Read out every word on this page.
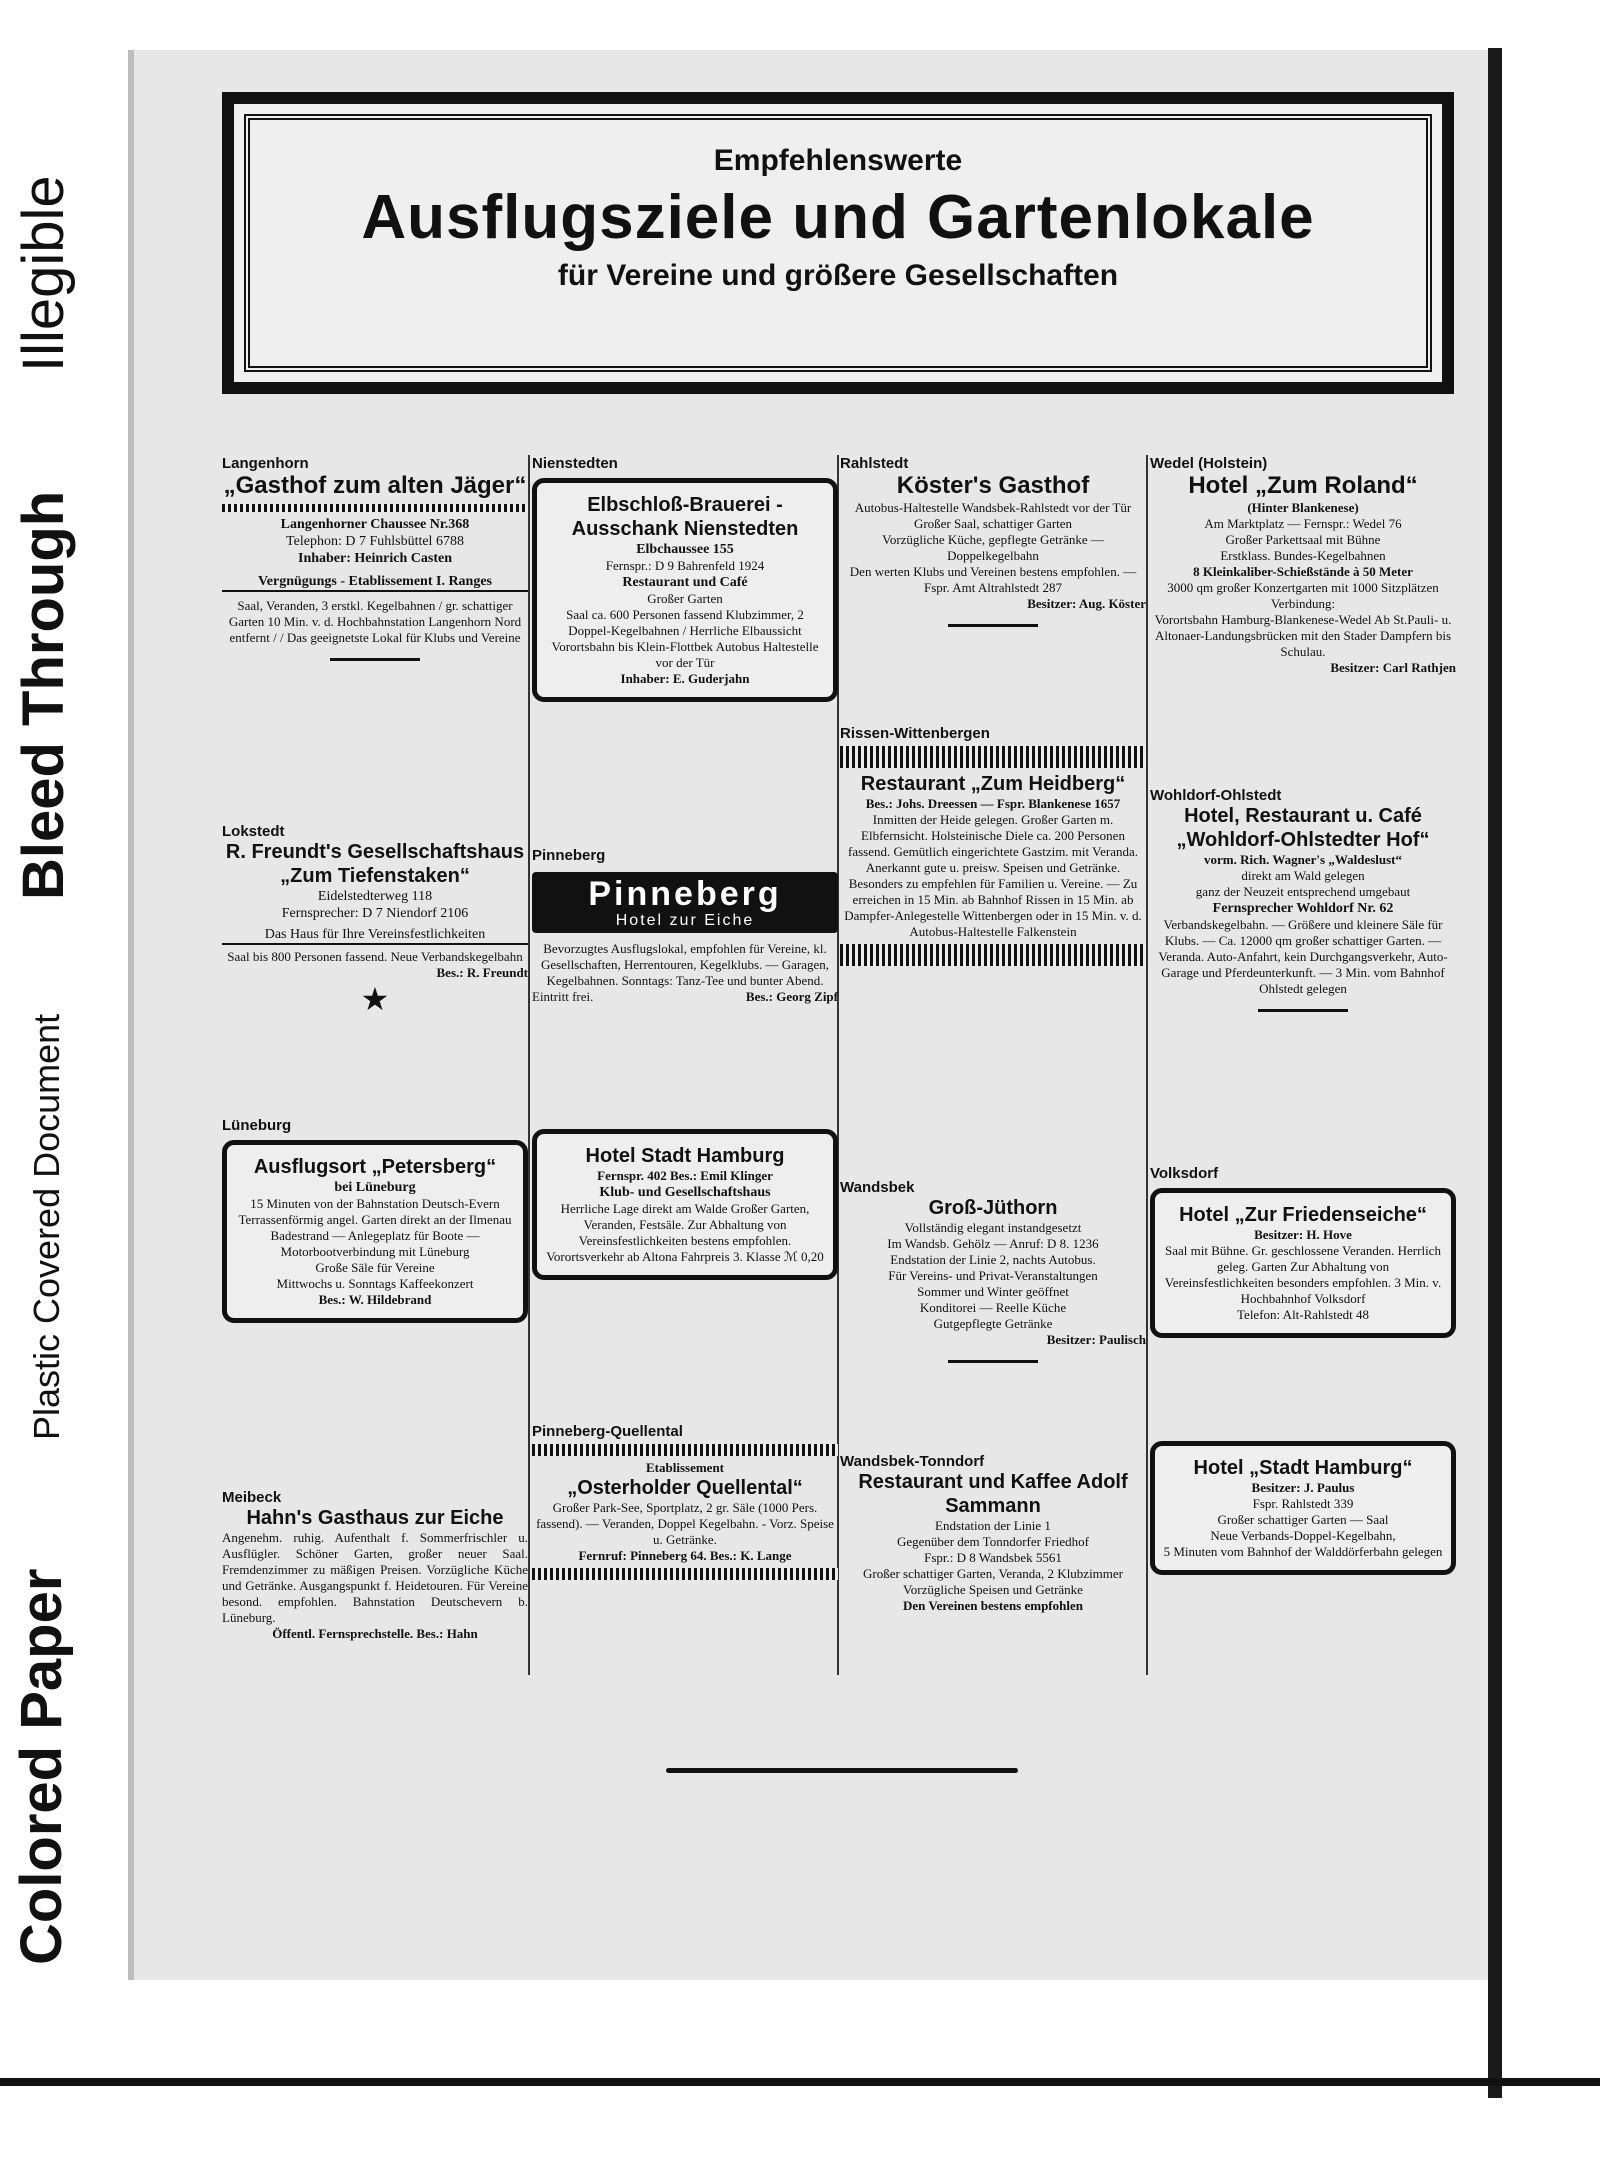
Colored Paper
Plastic Covered Document
Bleed Through
Illegible
Empfehlenswerte
Ausflugsziele und Gartenlokale
für Vereine und größere Gesellschaften
Langenhorn
„Gasthof zum alten Jäger“
Langenhorner Chaussee Nr.368
Telephon: D 7 Fuhlsbüttel 6788
Inhaber: Heinrich Casten
Vergnügungs - Etablissement I. Ranges
Saal, Veranden, 3 erstkl. Kegelbahnen / gr. schattiger Garten 10 Min. v. d. Hochbahnstation Langenhorn Nord entfernt / / Das geeignetste Lokal für Klubs und Vereine
Lokstedt
R. Freundt's Gesellschaftshaus „Zum Tiefenstaken“
Eidelstedterweg 118
Fernsprecher: D 7 Niendorf 2106
Das Haus für Ihre Vereinsfestlichkeiten
Saal bis 800 Personen fassend. Neue Verbandskegelbahn
Bes.: R. Freundt
★
Lüneburg
Ausflugsort „Petersberg“
bei Lüneburg
15 Minuten von der Bahnstation Deutsch-Evern
Terrassenförmig angel. Garten direkt an der Ilmenau
Badestrand — Anlegeplatz für Boote — Motorbootverbindung mit Lüneburg
Große Säle für Vereine
Mittwochs u. Sonntags Kaffeekonzert
Bes.: W. Hildebrand
Meibeck
Hahn's Gasthaus zur Eiche
Angenehm. ruhig. Aufenthalt f. Sommerfrischler u. Ausflügler. Schöner Garten, großer neuer Saal. Fremdenzimmer zu mäßigen Preisen. Vorzügliche Küche und Getränke. Ausgangspunkt f. Heidetouren. Für Vereine besond. empfohlen. Bahnstation Deutschevern b. Lüneburg.
Öffentl. Fernsprechstelle. Bes.: Hahn
Nienstedten
Elbschloß-Brauerei - Ausschank Nienstedten
Elbchaussee 155
Fernspr.: D 9 Bahrenfeld 1924
Restaurant und Café
Großer Garten
Saal ca. 600 Personen fassend Klubzimmer, 2 Doppel-Kegelbahnen / Herrliche Elbaussicht Vorortsbahn bis Klein-Flottbek Autobus Haltestelle vor der Tür
Inhaber: E. Guderjahn
Pinneberg
Pinneberg
Hotel zur Eiche
Bevorzugtes Ausflugslokal, empfohlen für Vereine, kl. Gesellschaften, Herrentouren, Kegelklubs. — Garagen, Kegelbahnen. Sonntags: Tanz-Tee und bunter Abend.
Eintritt frei.	Bes.: Georg Zipf
Hotel Stadt Hamburg
Fernspr. 402 Bes.: Emil Klinger
Klub- und Gesellschaftshaus
Herrliche Lage direkt am Walde Großer Garten, Veranden, Festsäle. Zur Abhaltung von Vereinsfestlichkeiten bestens empfohlen.
Vorortsverkehr ab Altona Fahrpreis 3. Klasse ℳ 0,20
Pinneberg-Quellental
Etablissement
„Osterholder Quellental“
Großer Park-See, Sportplatz, 2 gr. Säle (1000 Pers. fassend). — Veranden, Doppel Kegelbahn. - Vorz. Speise u. Getränke.
Fernruf: Pinneberg 64. Bes.: K. Lange
Rahlstedt
Köster's Gasthof
Autobus-Haltestelle Wandsbek-Rahlstedt vor der Tür
Großer Saal, schattiger Garten
Vorzügliche Küche, gepflegte Getränke — Doppelkegelbahn
Den werten Klubs und Vereinen bestens empfohlen. — Fspr. Amt Altrahlstedt 287
Besitzer: Aug. Köster
Rissen-Wittenbergen
Restaurant „Zum Heidberg“
Bes.: Johs. Dreessen — Fspr. Blankenese 1657
Inmitten der Heide gelegen. Großer Garten m. Elbfernsicht. Holsteinische Diele ca. 200 Personen fassend. Gemütlich eingerichtete Gastzim. mit Veranda. Anerkannt gute u. preisw. Speisen und Getränke. Besonders zu empfehlen für Familien u. Vereine. — Zu erreichen in 15 Min. ab Bahnhof Rissen in 15 Min. ab Dampfer-Anlegestelle Wittenbergen oder in 15 Min. v. d. Autobus-Haltestelle Falkenstein
Wandsbek
Groß-Jüthorn
Vollständig elegant instandgesetzt
Im Wandsb. Gehölz — Anruf: D 8. 1236
Endstation der Linie 2, nachts Autobus.
Für Vereins- und Privat-Veranstaltungen
Sommer und Winter geöffnet
Konditorei — Reelle Küche
Gutgepflegte Getränke
Besitzer: Paulisch
Wandsbek-Tonndorf
Restaurant und Kaffee Adolf Sammann
Endstation der Linie 1
Gegenüber dem Tonndorfer Friedhof
Fspr.: D 8 Wandsbek 5561
Großer schattiger Garten, Veranda, 2 Klubzimmer
Vorzügliche Speisen und Getränke
Den Vereinen bestens empfohlen
Wedel (Holstein)
Hotel „Zum Roland“
(Hinter Blankenese)
Am Marktplatz — Fernspr.: Wedel 76
Großer Parkettsaal mit Bühne
Erstklass. Bundes-Kegelbahnen
8 Kleinkaliber-Schießstände à 50 Meter
3000 qm großer Konzertgarten mit 1000 Sitzplätzen
Verbindung:
Vorortsbahn Hamburg-Blankenese-Wedel Ab St.Pauli- u. Altonaer-Landungsbrücken mit den Stader Dampfern bis Schulau.
Besitzer: Carl Rathjen
Wohldorf-Ohlstedt
Hotel, Restaurant u. Café „Wohldorf-Ohlstedter Hof“
vorm. Rich. Wagner's „Waldeslust“
direkt am Wald gelegen
ganz der Neuzeit entsprechend umgebaut
Fernsprecher Wohldorf Nr. 62
Verbandskegelbahn. — Größere und kleinere Säle für Klubs. — Ca. 12000 qm großer schattiger Garten. — Veranda. Auto-Anfahrt, kein Durchgangsverkehr, Auto-Garage und Pferdeunterkunft. — 3 Min. vom Bahnhof Ohlstedt gelegen
Volksdorf
Hotel „Zur Friedenseiche“
Besitzer: H. Hove
Saal mit Bühne. Gr. geschlossene Veranden. Herrlich geleg. Garten Zur Abhaltung von Vereinsfestlichkeiten besonders empfohlen. 3 Min. v. Hochbahnhof Volksdorf
Telefon: Alt-Rahlstedt 48
Hotel „Stadt Hamburg“
Besitzer: J. Paulus
Fspr. Rahlstedt 339
Großer schattiger Garten — Saal
Neue Verbands-Doppel-Kegelbahn,
5 Minuten vom Bahnhof der Walddörferbahn gelegen
